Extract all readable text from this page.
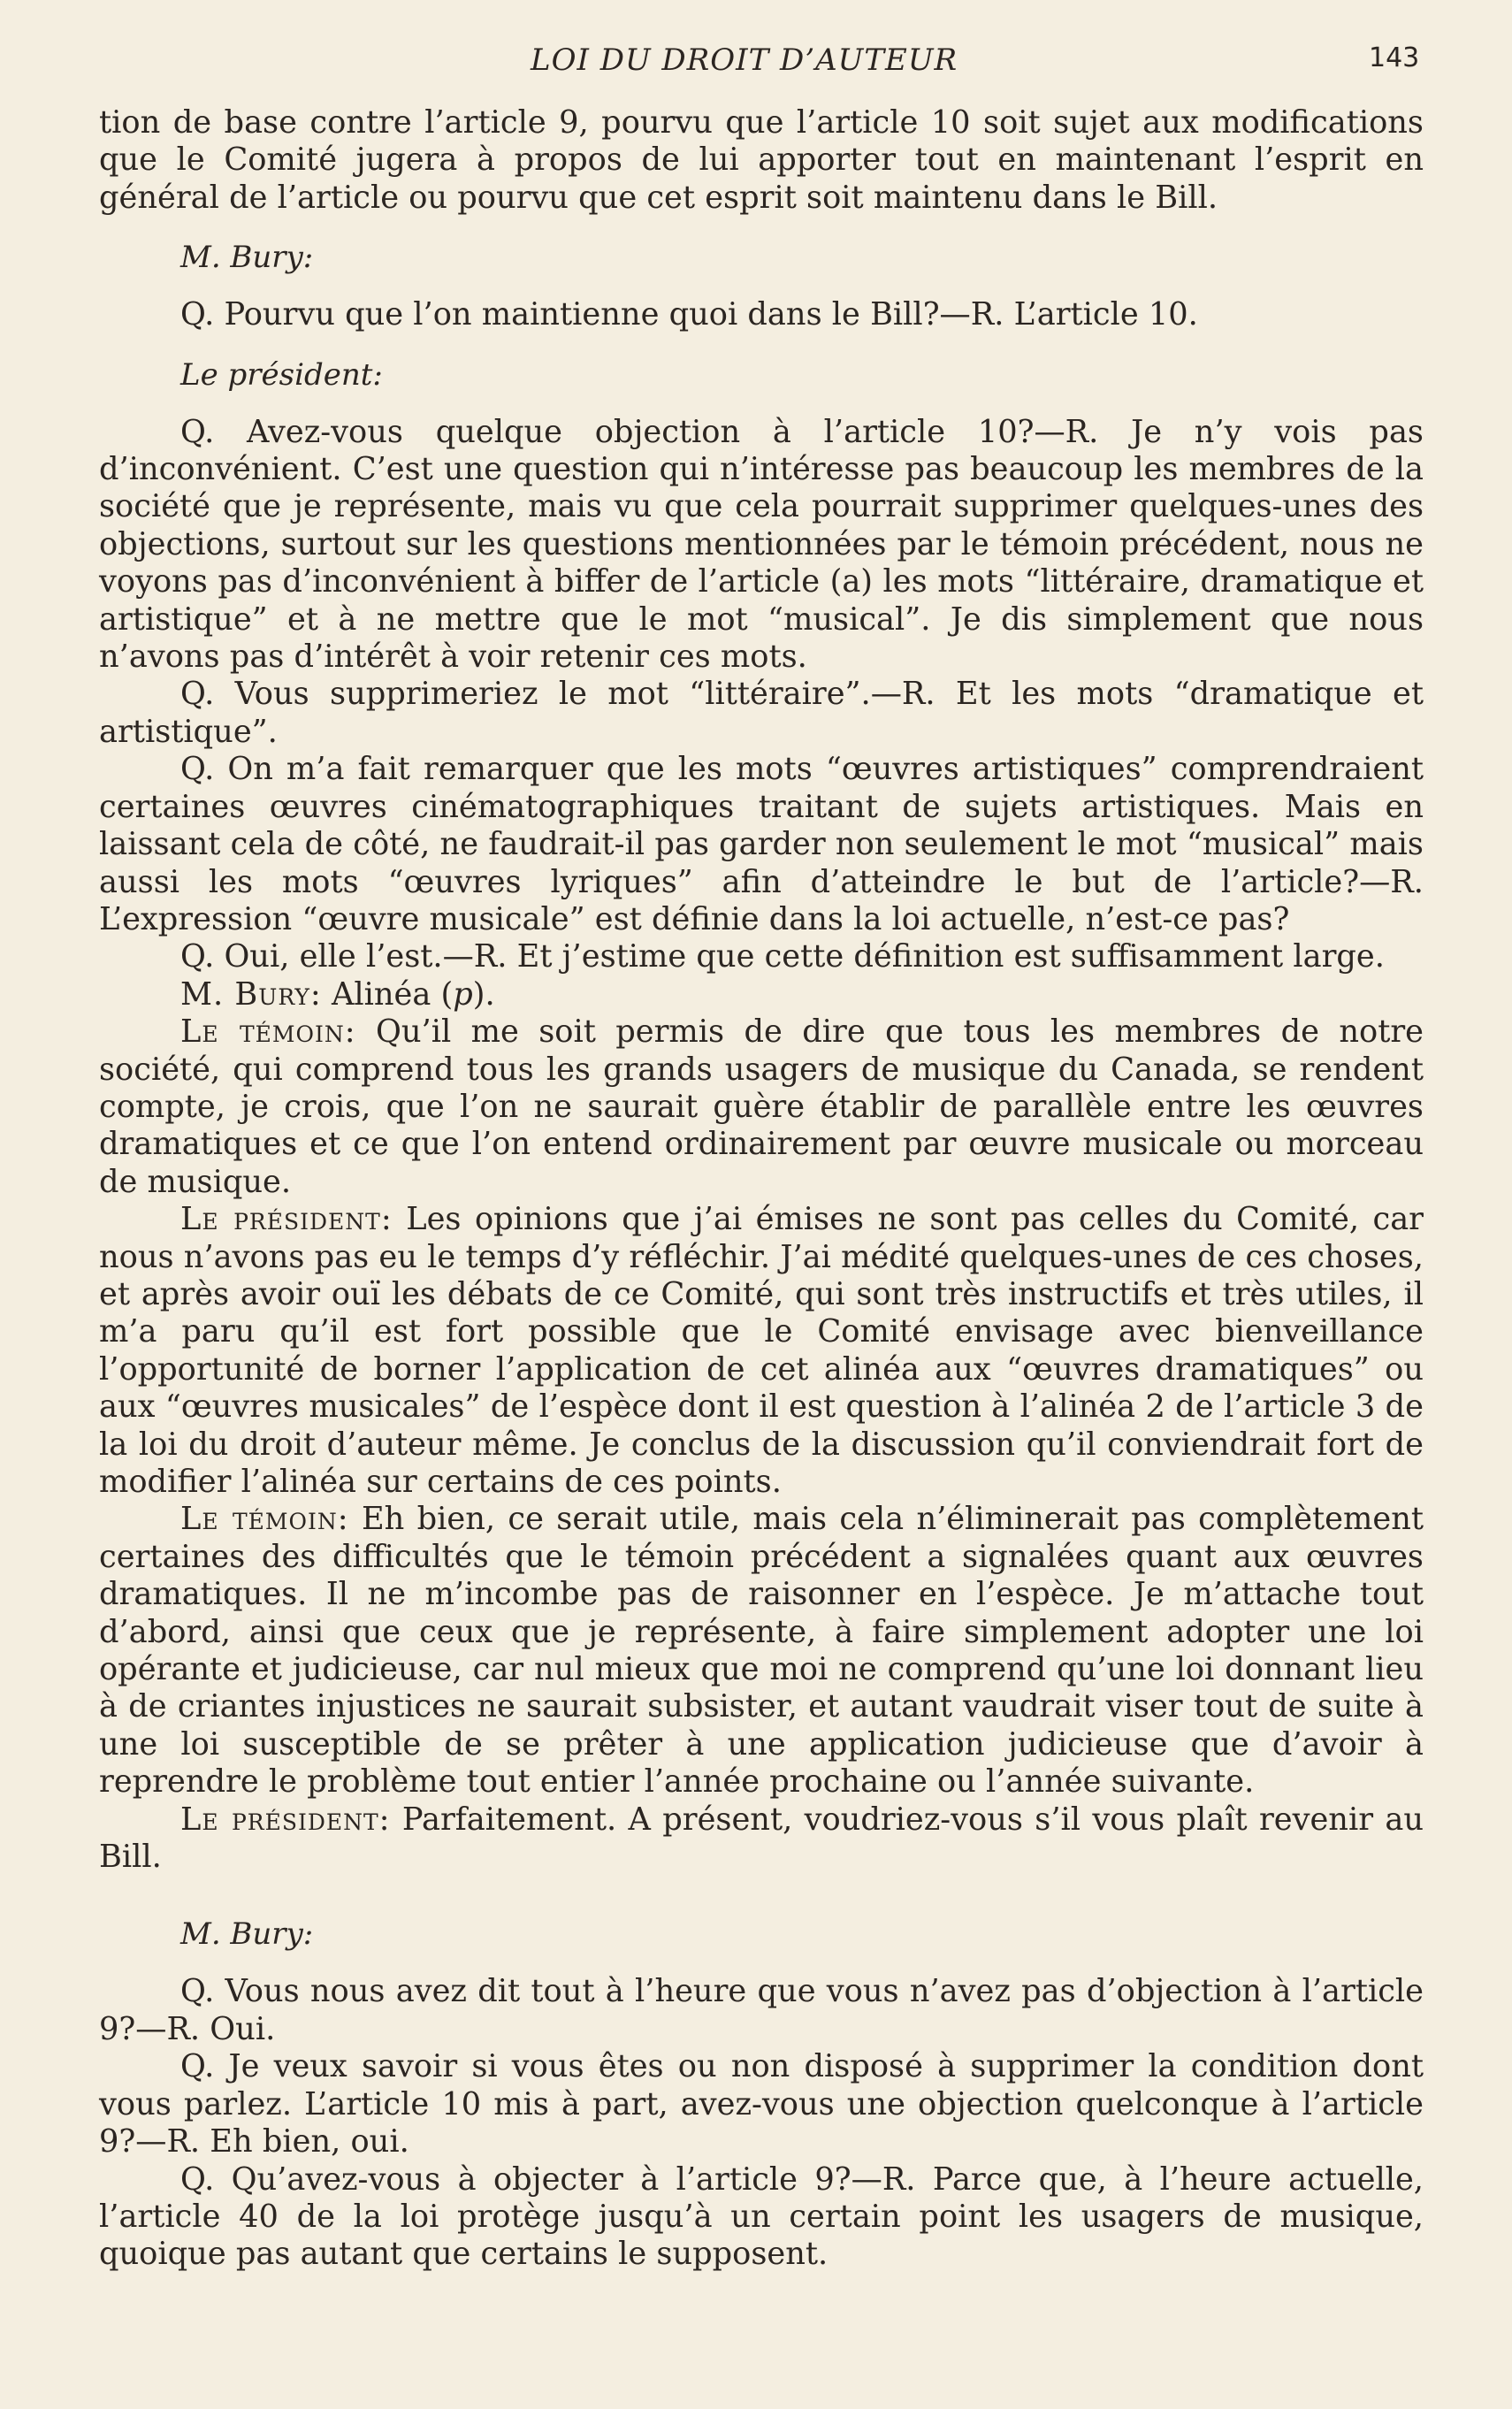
LOI DU DROIT D’AUTEUR	143

tion de base contre l’article 9, pourvu que l’article 10 soit sujet aux modifications que le Comité jugera à propos de lui apporter tout en maintenant l’esprit en général de l’article ou pourvu que cet esprit soit maintenu dans le Bill.

M. Bury:

Q. Pourvu que l’on maintienne quoi dans le Bill?—R. L’article 10.

Le président:

Q. Avez-vous quelque objection à l’article 10?—R. Je n’y vois pas d’inconvénient. C’est une question qui n’intéresse pas beaucoup les membres de la société que je représente, mais vu que cela pourrait supprimer quelques-unes des objections, surtout sur les questions mentionnées par le témoin précédent, nous ne voyons pas d’inconvénient à biffer de l’article (a) les mots “littéraire, dramatique et artistique” et à ne mettre que le mot “musical”. Je dis simplement que nous n’avons pas d’intérêt à voir retenir ces mots.

Q. Vous supprimeriez le mot “littéraire”.—R. Et les mots “dramatique et artistique”.

Q. On m’a fait remarquer que les mots “œuvres artistiques” comprendraient certaines œuvres cinématographiques traitant de sujets artistiques. Mais en laissant cela de côté, ne faudrait-il pas garder non seulement le mot “musical” mais aussi les mots “œuvres lyriques” afin d’atteindre le but de l’article?—R. L’expression “œuvre musicale” est définie dans la loi actuelle, n’est-ce pas?

Q. Oui, elle l’est.—R. Et j’estime que cette définition est suffisamment large.

M. Bury: Alinéa (p).

Le témoin: Qu’il me soit permis de dire que tous les membres de notre société, qui comprend tous les grands usagers de musique du Canada, se rendent compte, je crois, que l’on ne saurait guère établir de parallèle entre les œuvres dramatiques et ce que l’on entend ordinairement par œuvre musicale ou morceau de musique.

Le président: Les opinions que j’ai émises ne sont pas celles du Comité, car nous n’avons pas eu le temps d’y réfléchir. J’ai médité quelques-unes de ces choses, et après avoir ouï les débats de ce Comité, qui sont très instructifs et très utiles, il m’a paru qu’il est fort possible que le Comité envisage avec bienveillance l’opportunité de borner l’application de cet alinéa aux “œuvres dramatiques” ou aux “œuvres musicales” de l’espèce dont il est question à l’alinéa 2 de l’article 3 de la loi du droit d’auteur même. Je conclus de la discussion qu’il conviendrait fort de modifier l’alinéa sur certains de ces points.

Le témoin: Eh bien, ce serait utile, mais cela n’éliminerait pas complètement certaines des difficultés que le témoin précédent a signalées quant aux œuvres dramatiques. Il ne m’incombe pas de raisonner en l’espèce. Je m’attache tout d’abord, ainsi que ceux que je représente, à faire simplement adopter une loi opérante et judicieuse, car nul mieux que moi ne comprend qu’une loi donnant lieu à de criantes injustices ne saurait subsister, et autant vaudrait viser tout de suite à une loi susceptible de se prêter à une application judicieuse que d’avoir à reprendre le problème tout entier l’année prochaine ou l’année suivante.

Le président: Parfaitement. A présent, voudriez-vous s’il vous plaît revenir au Bill.

M. Bury:

Q. Vous nous avez dit tout à l’heure que vous n’avez pas d’objection à l’article 9?—R. Oui.

Q. Je veux savoir si vous êtes ou non disposé à supprimer la condition dont vous parlez. L’article 10 mis à part, avez-vous une objection quelconque à l’article 9?—R. Eh bien, oui.

Q. Qu’avez-vous à objecter à l’article 9?—R. Parce que, à l’heure actuelle, l’article 40 de la loi protège jusqu’à un certain point les usagers de musique, quoique pas autant que certains le supposent.
